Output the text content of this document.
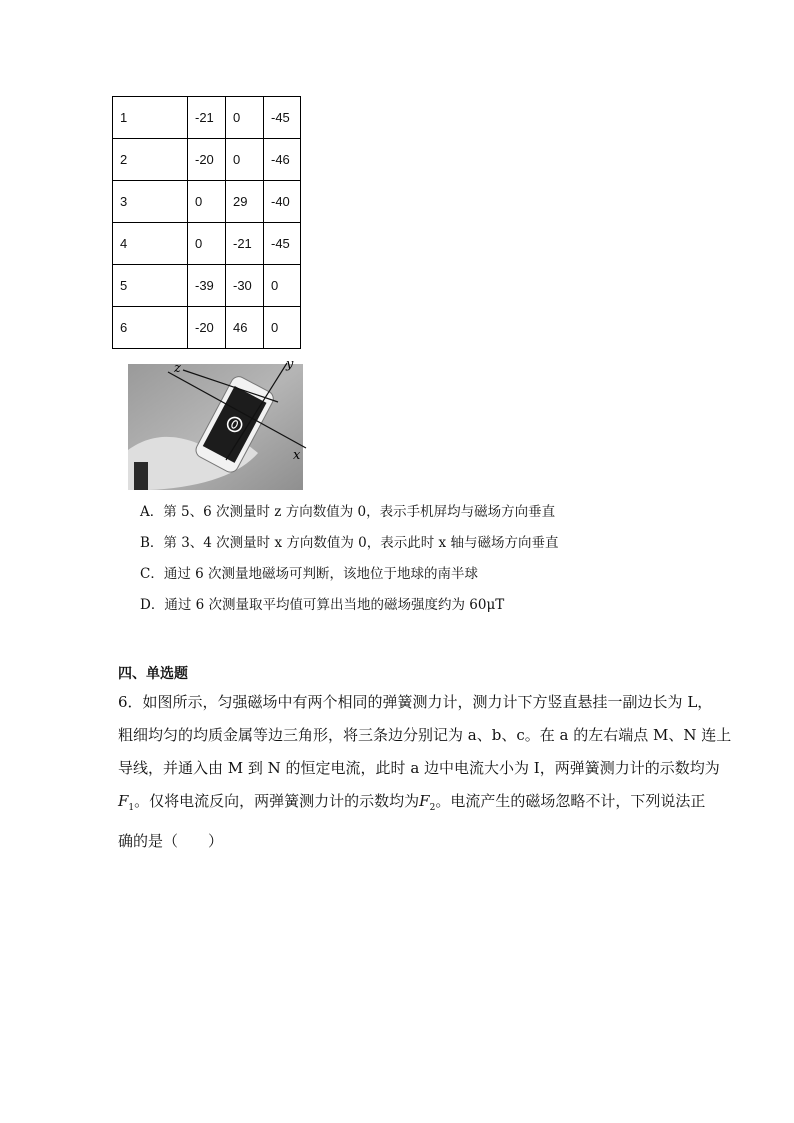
1	-21	0	-45
2	-20	0	-46
3	0	29	-40
4	0	-21	-45
5	-39	-30	0
6	-20	46	0
z	y
x
A．第 5、6 次测量时 z 方向数值为 0，表示手机屏均与磁场方向垂直
B．第 3、4 次测量时 x 方向数值为 0，表示此时 x 轴与磁场方向垂直
C．通过 6 次测量地磁场可判断，该地位于地球的南半球
D．通过 6 次测量取平均值可算出当地的磁场强度约为 60μT
四、单选题

6．如图所示，匀强磁场中有两个相同的弹簧测力计，测力计下方竖直悬挂一副边长为 L，

粗细均匀的均质金属等边三角形，将三条边分别记为 a、b、c。在 a 的左右端点 M、N 连上

导线，并通入由 M 到 N 的恒定电流，此时 a 边中电流大小为 I，两弹簧测力计的示数均为

$F_1$。仅将电流反向，两弹簧测力计的示数均为$F_2$。电流产生的磁场忽略不计，下列说法正

确的是（　　）
